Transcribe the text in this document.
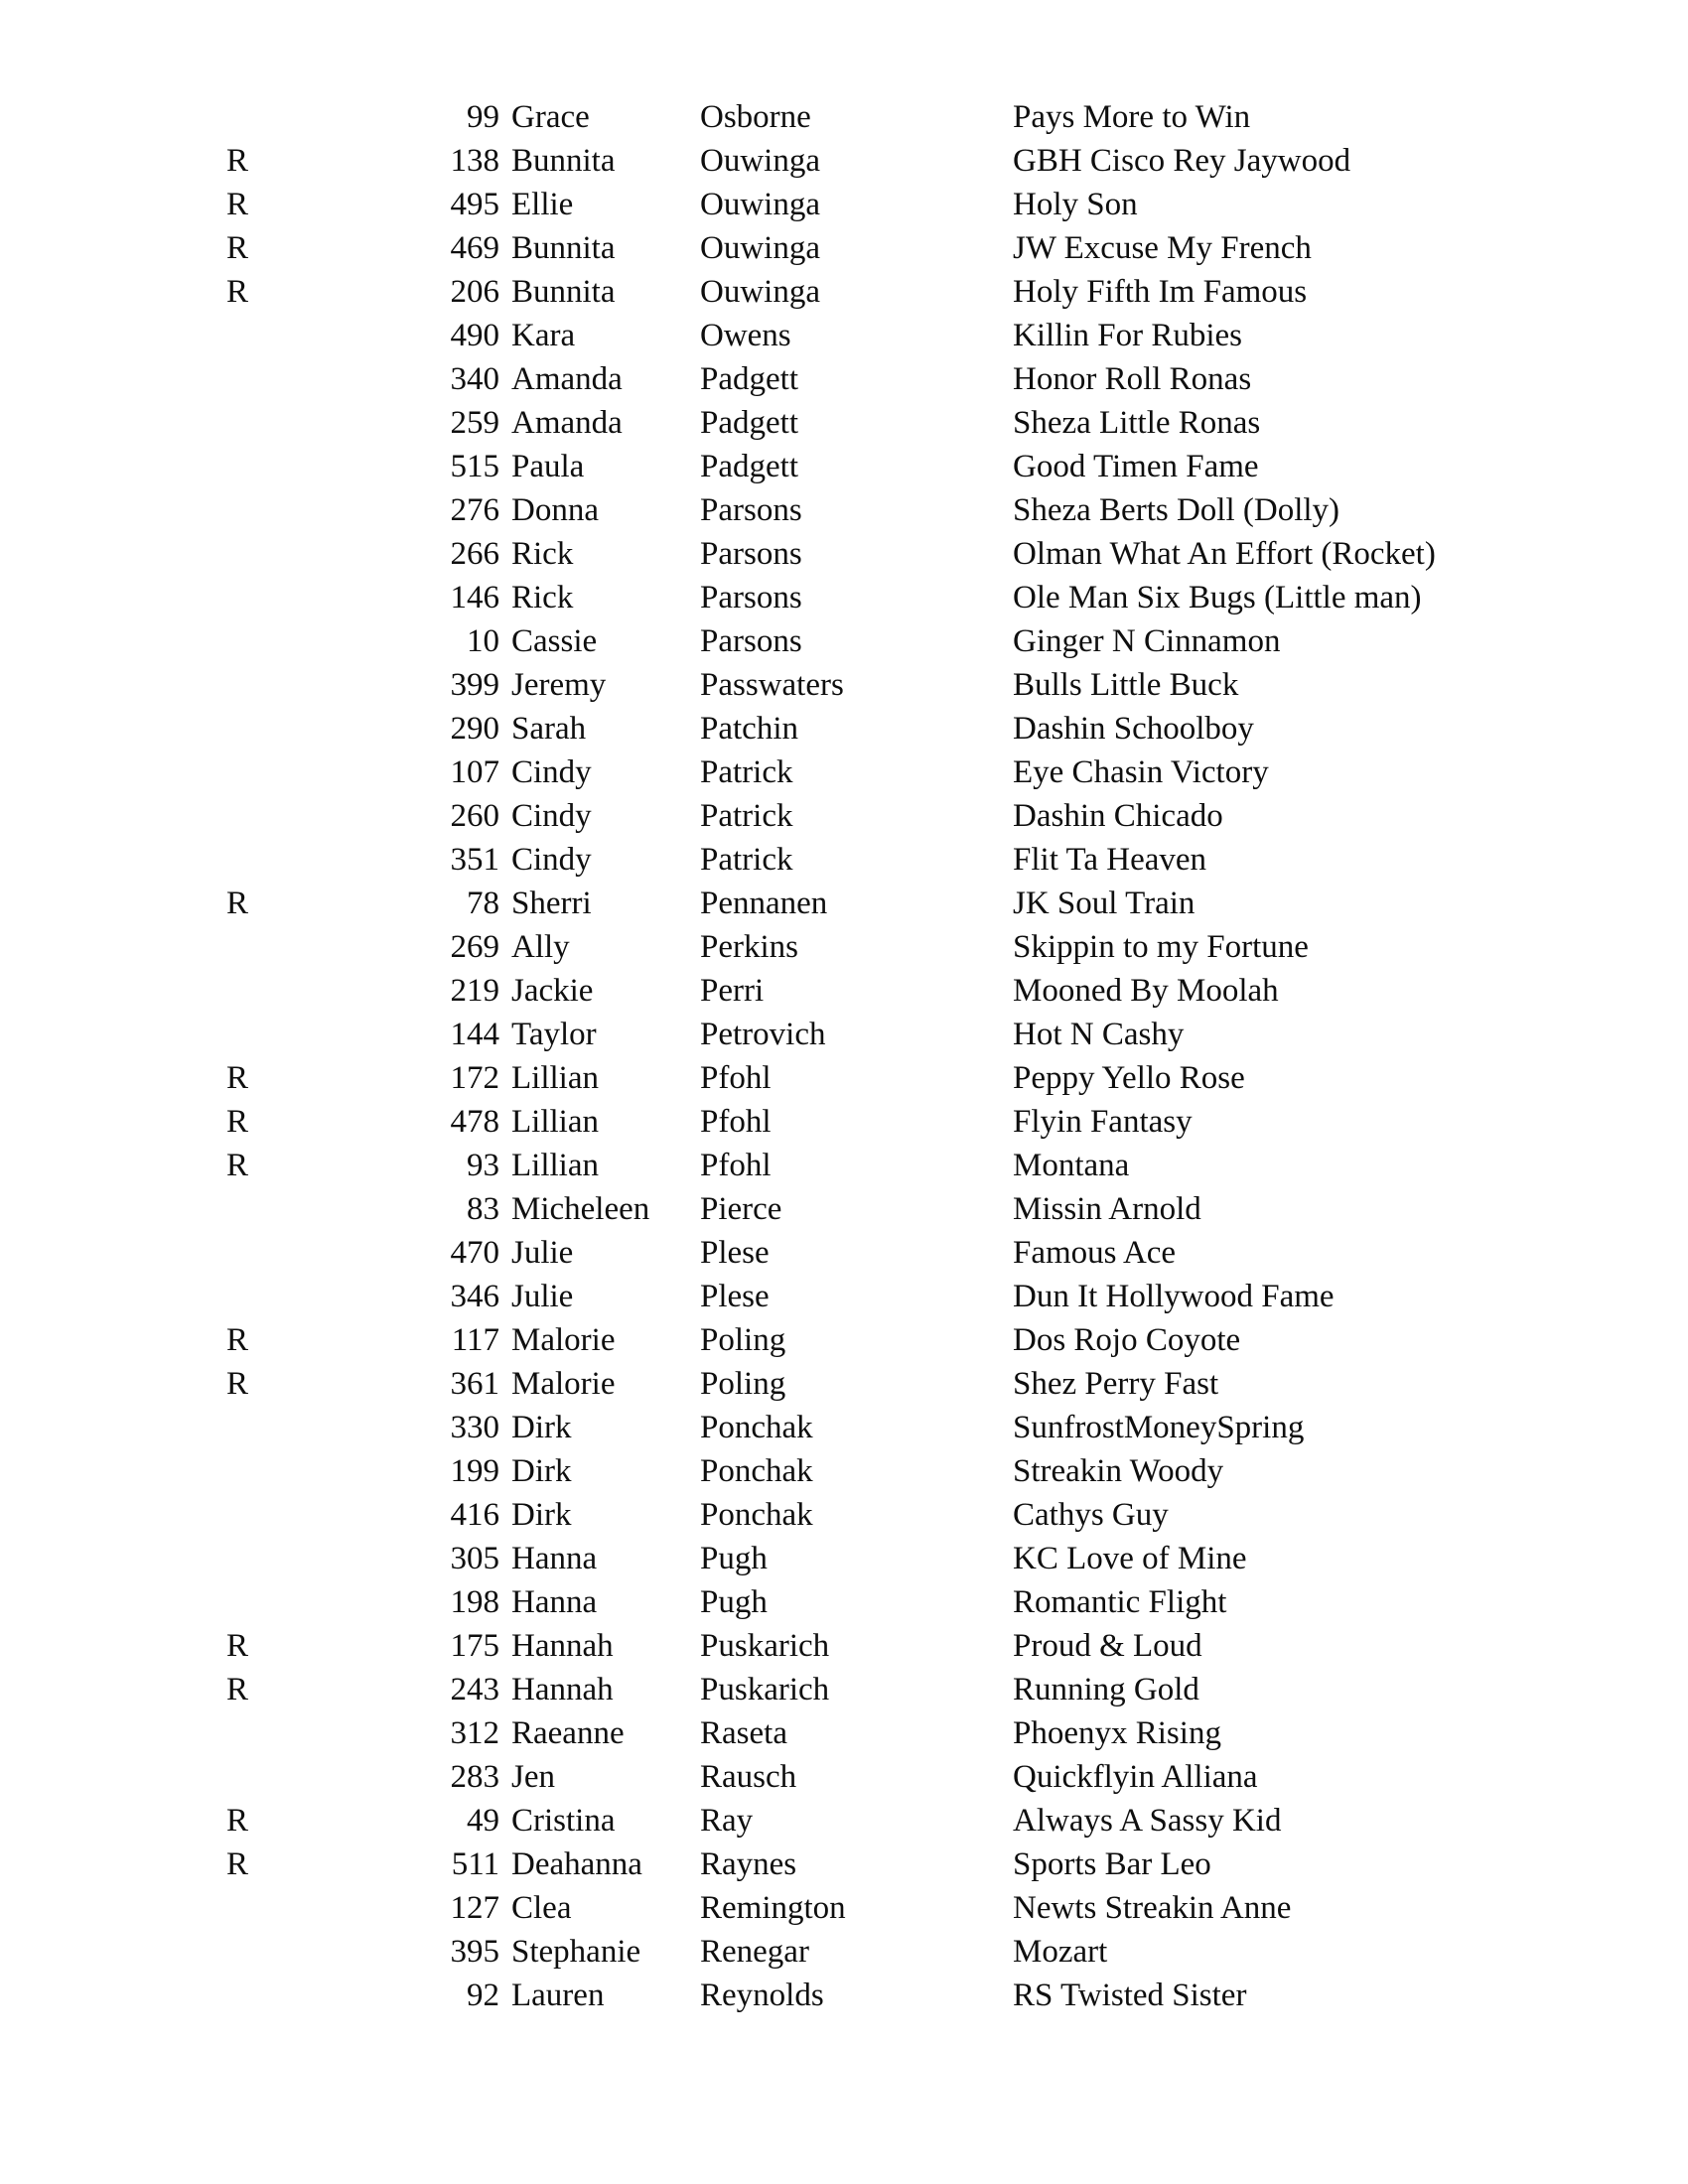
99 Grace	Osborne	Pays More to Win
R	138 Bunnita	Ouwinga	GBH Cisco Rey Jaywood
R	495 Ellie	Ouwinga	Holy Son
R	469 Bunnita	Ouwinga	JW Excuse My French
R	206 Bunnita	Ouwinga	Holy Fifth Im Famous
490 Kara	Owens	Killin For Rubies
340 Amanda	Padgett	Honor Roll Ronas
259 Amanda	Padgett	Sheza Little Ronas
515 Paula	Padgett	Good Timen Fame
276 Donna	Parsons	Sheza Berts Doll (Dolly)
266 Rick	Parsons	Olman What An Effort (Rocket)
146 Rick	Parsons	Ole Man Six Bugs (Little man)
10 Cassie	Parsons	Ginger N Cinnamon
399 Jeremy	Passwaters	Bulls Little Buck
290 Sarah	Patchin	Dashin Schoolboy
107 Cindy	Patrick	Eye Chasin Victory
260 Cindy	Patrick	Dashin Chicado
351 Cindy	Patrick	Flit Ta Heaven
R	78 Sherri	Pennanen	JK Soul Train
269 Ally	Perkins	Skippin to my Fortune
219 Jackie	Perri	Mooned By Moolah
144 Taylor	Petrovich	Hot N Cashy
R	172 Lillian	Pfohl	Peppy Yello Rose
R	478 Lillian	Pfohl	Flyin Fantasy
R	93 Lillian	Pfohl	Montana
83 Micheleen	Pierce	Missin Arnold
470 Julie	Plese	Famous Ace
346 Julie	Plese	Dun It Hollywood Fame
R	117 Malorie	Poling	Dos Rojo Coyote
R	361 Malorie	Poling	Shez Perry Fast
330 Dirk	Ponchak	SunfrostMoneySpring
199 Dirk	Ponchak	Streakin Woody
416 Dirk	Ponchak	Cathys Guy
305 Hanna	Pugh	KC Love of Mine
198 Hanna	Pugh	Romantic Flight
R	175 Hannah	Puskarich	Proud & Loud
R	243 Hannah	Puskarich	Running Gold
312 Raeanne	Raseta	Phoenyx Rising
283 Jen	Rausch	Quickflyin Alliana
R	49 Cristina	Ray	Always A Sassy Kid
R	511 Deahanna	Raynes	Sports Bar Leo
127 Clea	Remington	Newts Streakin Anne
395 Stephanie	Renegar	Mozart
92 Lauren	Reynolds	RS Twisted Sister
